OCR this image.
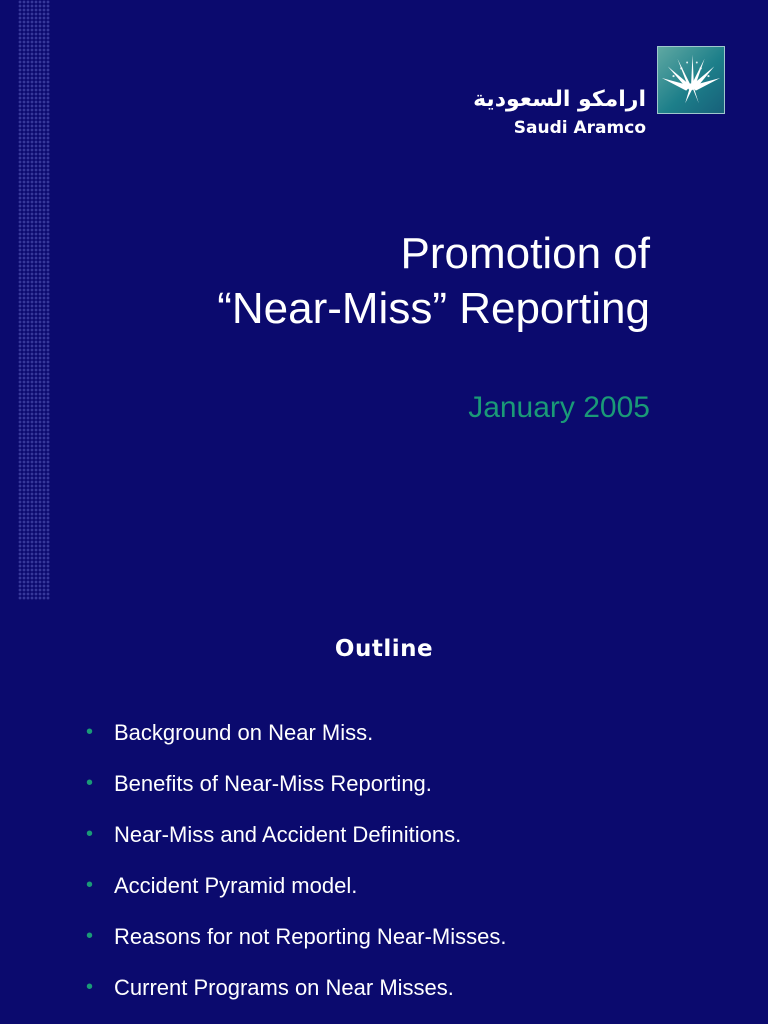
ارامكو السعودية
Saudi Aramco
Promotion of
“Near-Miss” Reporting
January 2005
Outline
• Background on Near Miss.
• Benefits of Near-Miss Reporting.
• Near-Miss and Accident Definitions.
• Accident Pyramid model.
• Reasons for not Reporting Near-Misses.
• Current Programs on Near Misses.
